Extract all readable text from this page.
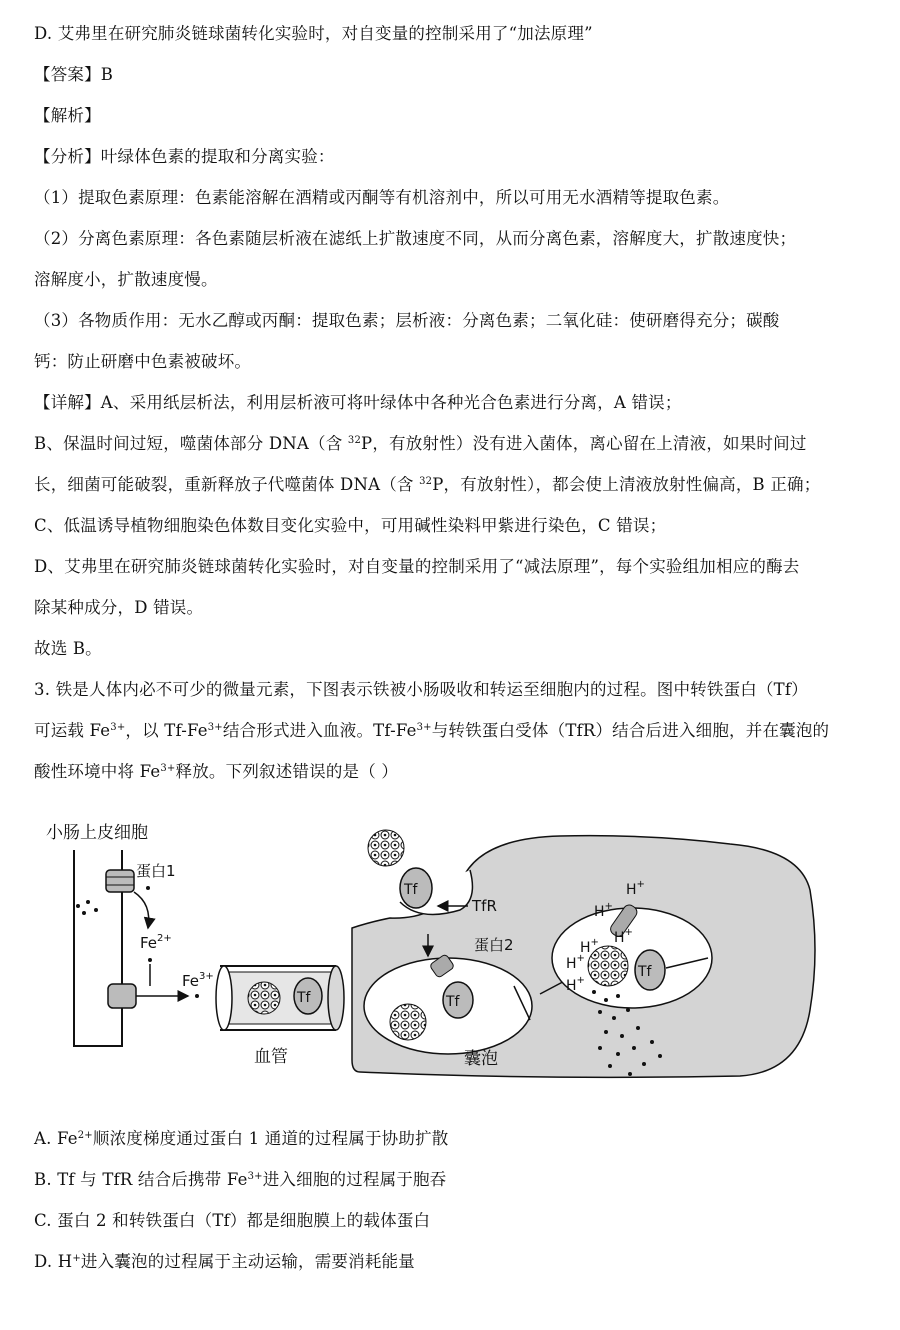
D. 艾弗里在研究肺炎链球菌转化实验时，对自变量的控制采用了“加法原理”
【答案】B
【解析】
【分析】叶绿体色素的提取和分离实验：
（1）提取色素原理：色素能溶解在酒精或丙酮等有机溶剂中，所以可用无水酒精等提取色素。
（2）分离色素原理：各色素随层析液在滤纸上扩散速度不同，从而分离色素，溶解度大，扩散速度快；
溶解度小，扩散速度慢。
（3）各物质作用：无水乙醇或丙酮：提取色素；层析液：分离色素；二氧化硅：使研磨得充分；碳酸
钙：防止研磨中色素被破坏。
【详解】A、采用纸层析法，利用层析液可将叶绿体中各种光合色素进行分离，A 错误；
B、保温时间过短，噬菌体部分 DNA（含 $^{32}$P，有放射性）没有进入菌体，离心留在上清液，如果时间过
长，细菌可能破裂，重新释放子代噬菌体 DNA（含 $^{32}$P，有放射性），都会使上清液放射性偏高，B 正确；
C、低温诱导植物细胞染色体数目变化实验中，可用碱性染料甲紫进行染色，C 错误；
D、艾弗里在研究肺炎链球菌转化实验时，对自变量的控制采用了“减法原理”，每个实验组加相应的酶去
除某种成分，D 错误。
故选 B。
3. 铁是人体内必不可少的微量元素，下图表示铁被小肠吸收和转运至细胞内的过程。图中转铁蛋白（Tf）
可运载 $Fe^{3+}$，以 $Tf-Fe^{3+}$结合形式进入血液。$Tf-Fe^{3+}$与转铁蛋白受体（TfR）结合后进入细胞，并在囊泡的
酸性环境中将 $Fe^{3+}$释放。下列叙述错误的是（ ）
小肠上皮细胞
蛋白1
$Fe^{2+}$
$Fe^{3+}$
Tf
血管
Tf
TfR
蛋白2
Tf
囊泡
H+
H+
H+ H+
H+
H+
Tf
A. $Fe^{2+}$顺浓度梯度通过蛋白 1 通道的过程属于协助扩散
B. Tf 与 TfR 结合后携带 $Fe^{3+}$进入细胞的过程属于胞吞
C. 蛋白 2 和转铁蛋白（Tf）都是细胞膜上的载体蛋白
D. H+进入囊泡的过程属于主动运输，需要消耗能量
